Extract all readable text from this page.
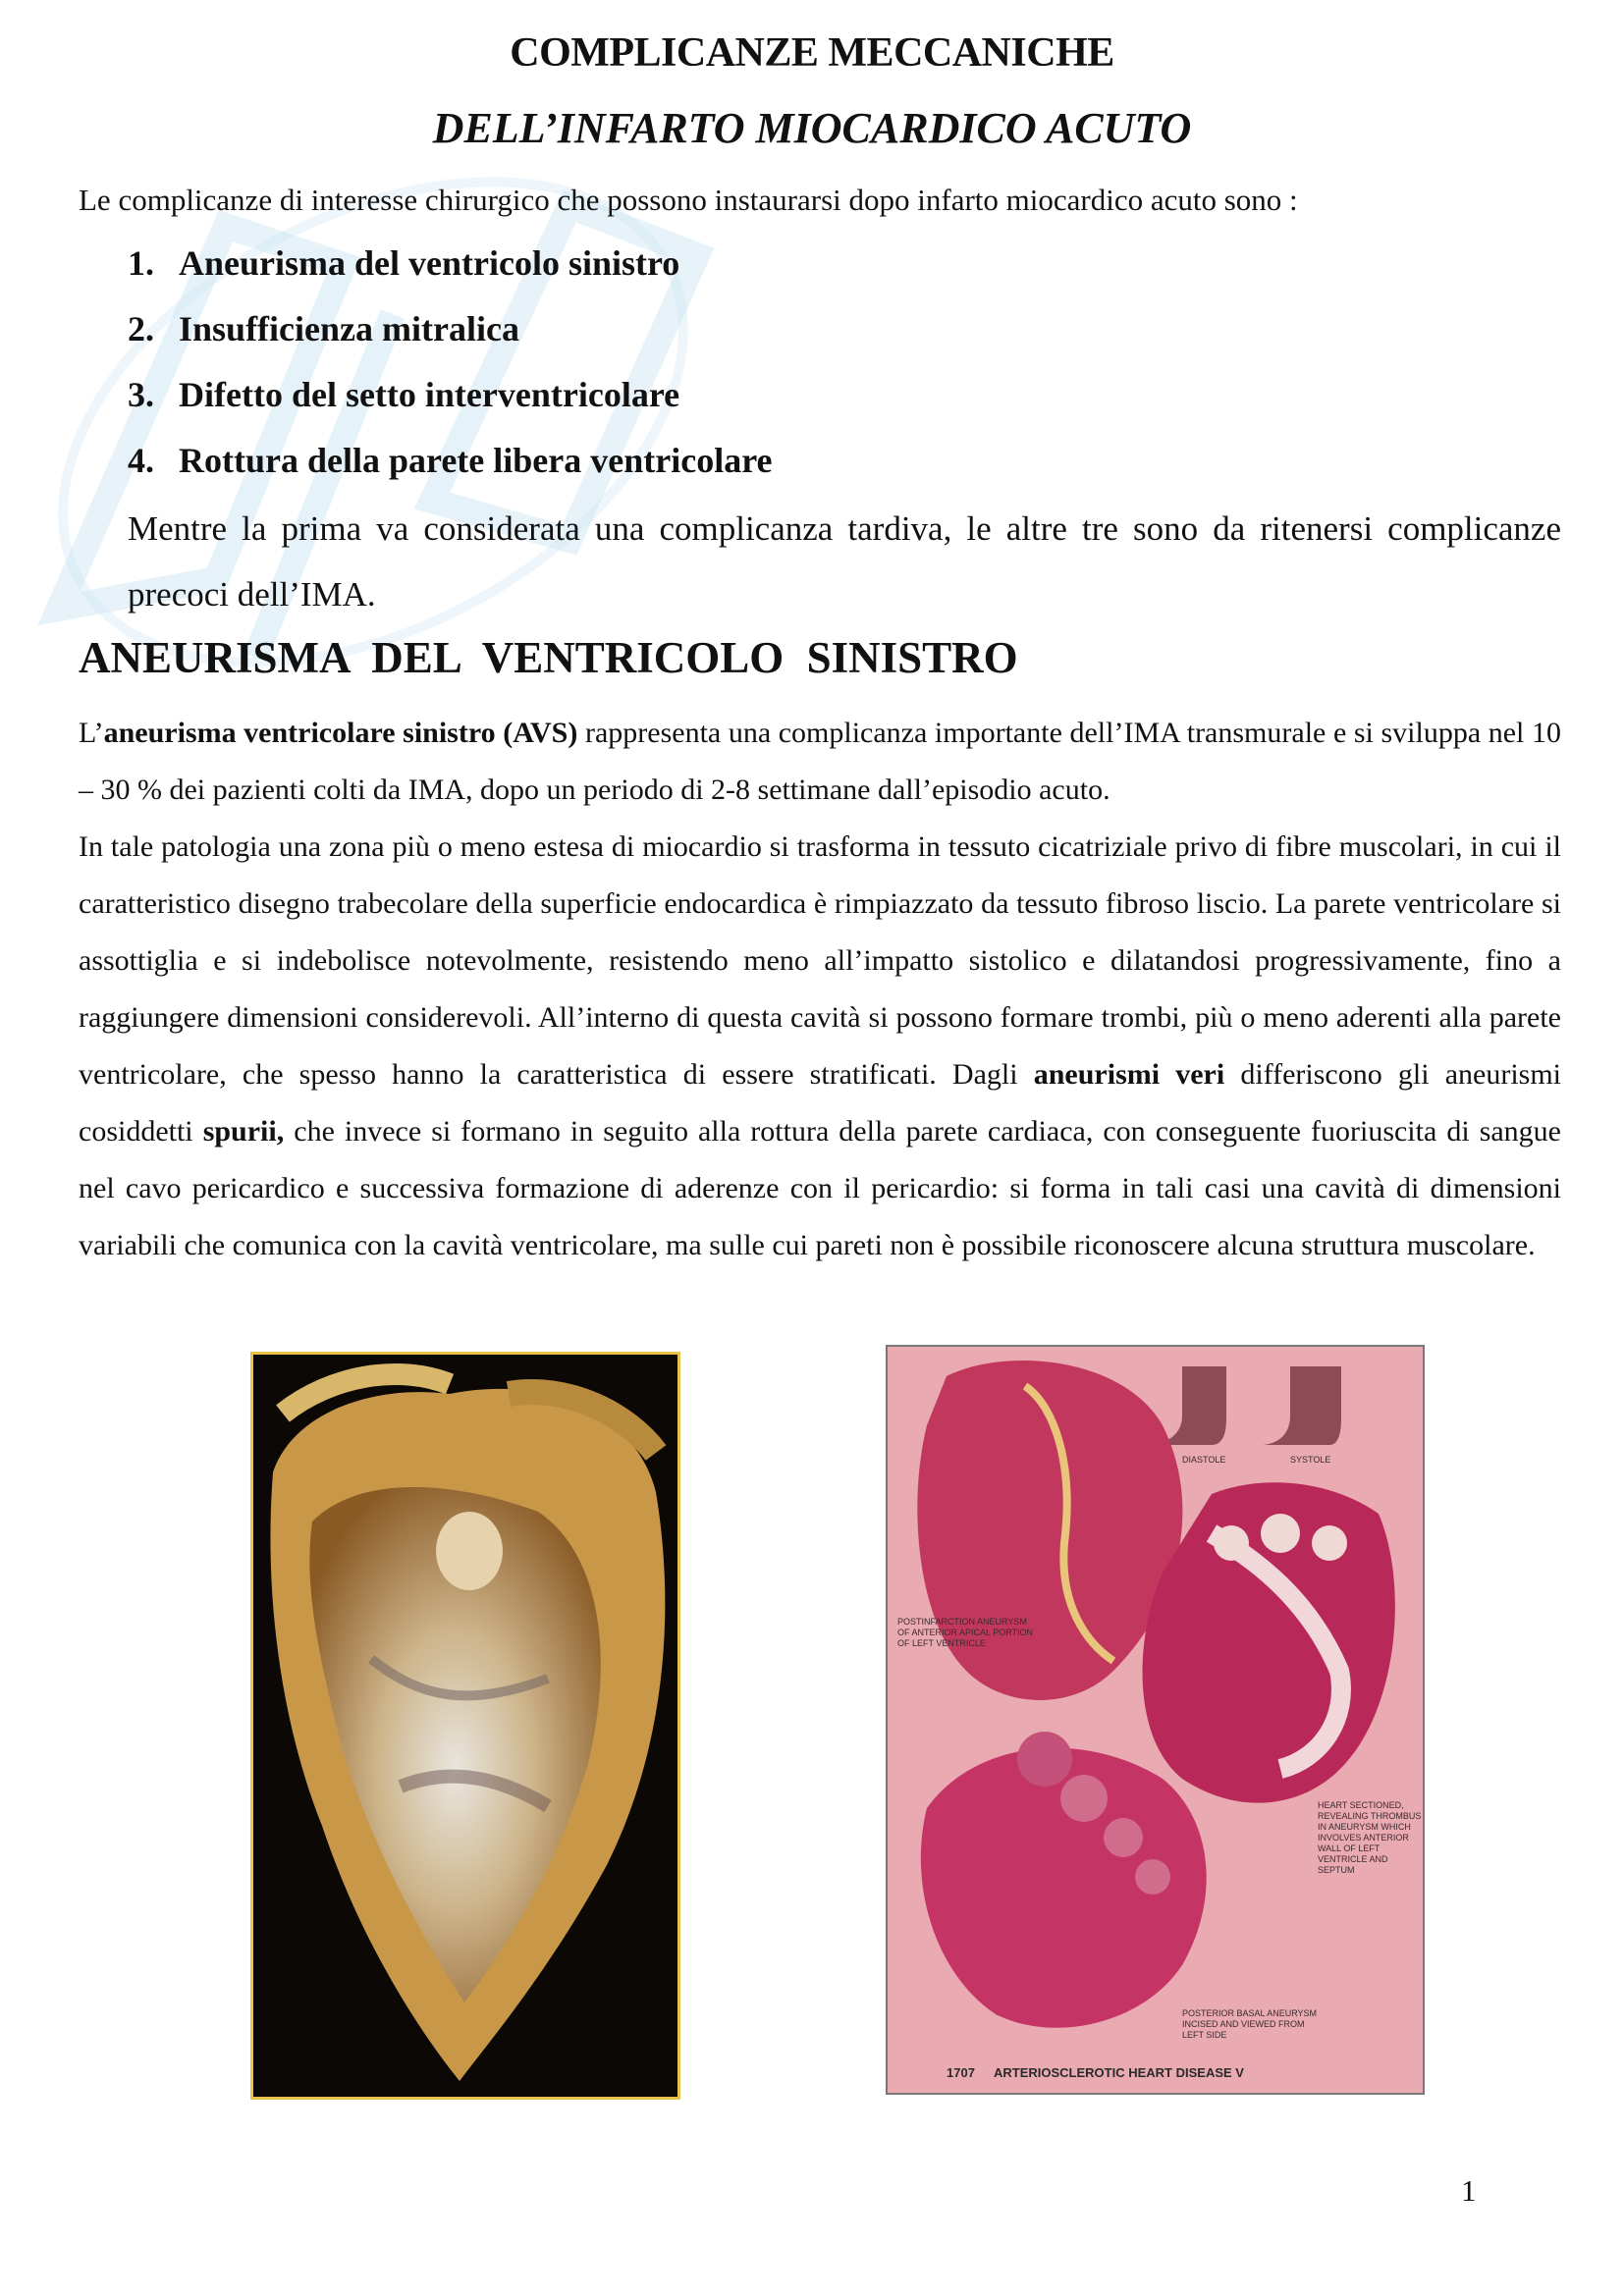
COMPLICANZE MECCANICHE
DELL’INFARTO MIOCARDICO ACUTO
Le complicanze di interesse chirurgico che possono instaurarsi dopo infarto miocardico acuto sono :
1. Aneurisma del ventricolo sinistro
2. Insufficienza mitralica
3. Difetto del setto interventricolare
4. Rottura della parete libera ventricolare
Mentre la prima va considerata una complicanza tardiva, le altre tre sono da ritenersi complicanze precoci dell’IMA.
ANEURISMA DEL VENTRICOLO SINISTRO

L’aneurisma ventricolare sinistro (AVS) rappresenta una complicanza importante dell’IMA transmurale e si sviluppa nel 10 – 30 % dei pazienti colti da IMA, dopo un periodo di 2-8 settimane dall’episodio acuto.

In tale patologia una zona più o meno estesa di miocardio si trasforma in tessuto cicatriziale privo di fibre muscolari, in cui il caratteristico disegno trabecolare della superficie endocardica è rimpiazzato da tessuto fibroso liscio. La parete ventricolare si assottiglia e si indebolisce notevolmente, resistendo meno all’impatto sistolico e dilatandosi progressivamente, fino a raggiungere dimensioni considerevoli. All’interno di questa cavità si possono formare trombi, più o meno aderenti alla parete ventricolare, che spesso hanno la caratteristica di essere stratificati. Dagli aneurismi veri differiscono gli aneurismi cosiddetti spurii, che invece si formano in seguito alla rottura della parete cardiaca, con conseguente fuoriuscita di sangue nel cavo pericardico e successiva formazione di aderenze con il pericardio: si forma in tali casi una cavità di dimensioni variabili che comunica con la cavità ventricolare, ma sulle cui pareti non è possibile riconoscere alcuna struttura muscolare.

DIASTOLE	SYSTOLE
POSTINFARCTION ANEURYSM
OF ANTERIOR APICAL PORTION
OF LEFT VENTRICLE
HEART SECTIONED,
REVEALING THROMBUS
IN ANEURYSM WHICH
INVOLVES ANTERIOR
WALL OF LEFT
VENTRICLE AND
SEPTUM
POSTERIOR BASAL ANEURYSM
INCISED AND VIEWED FROM
LEFT SIDE
1707 ARTERIOSCLEROTIC HEART DISEASE V
1
